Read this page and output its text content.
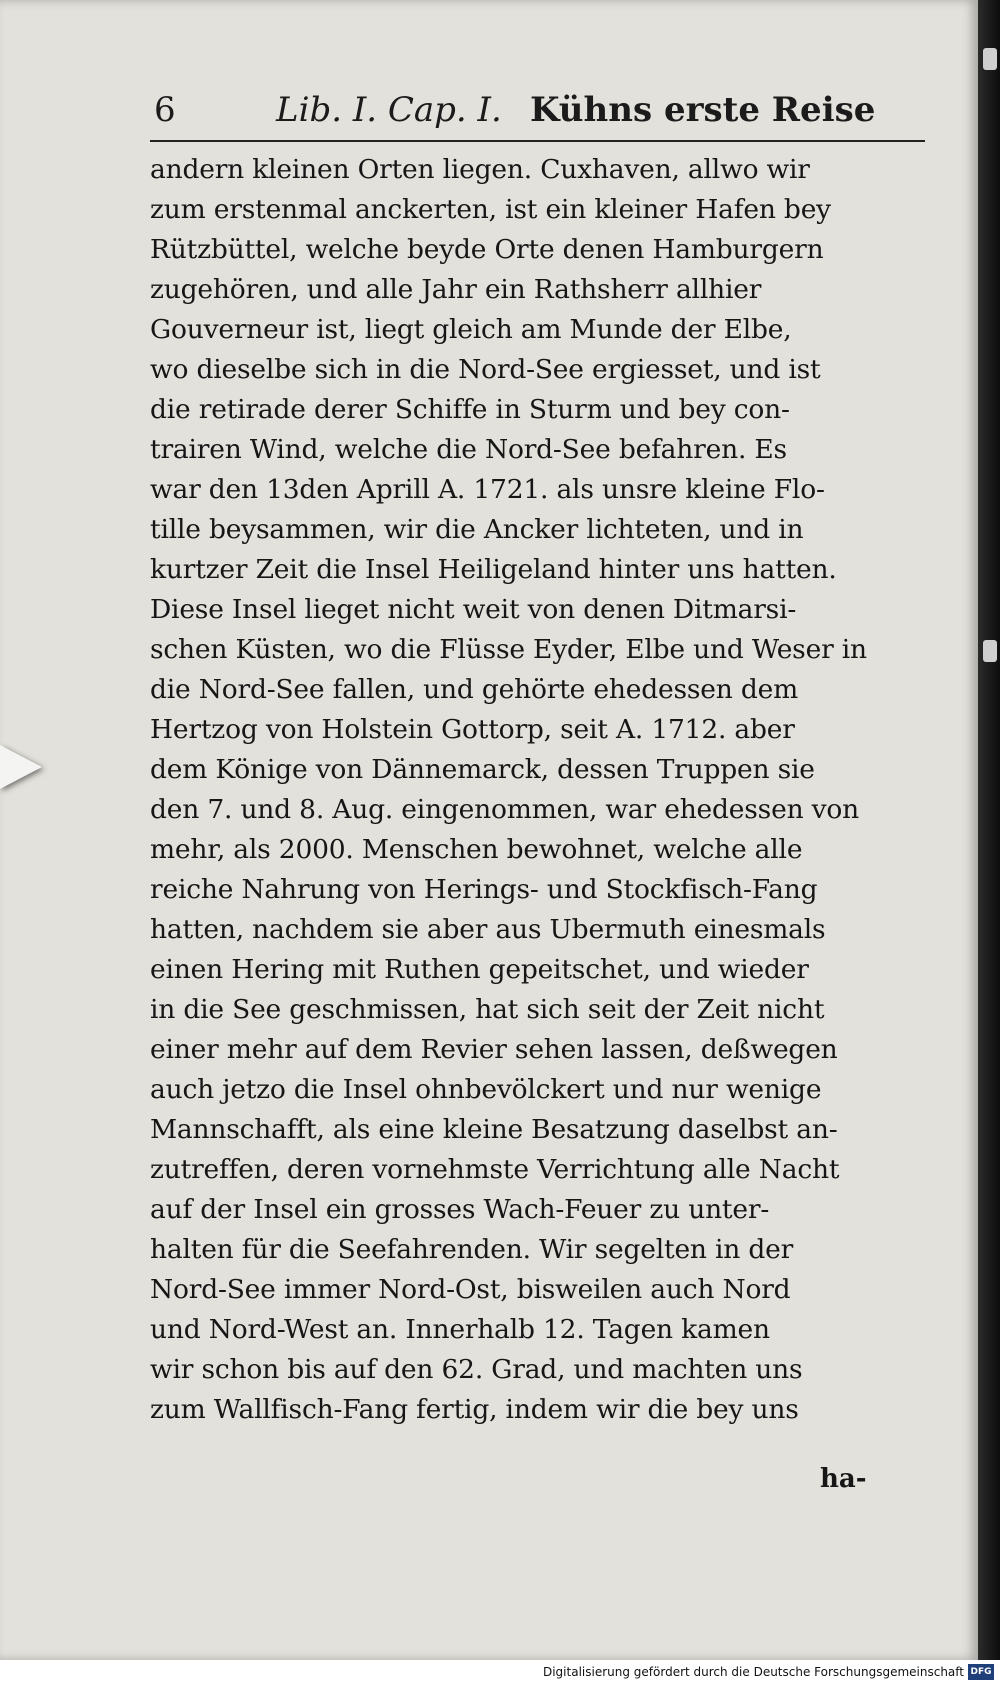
6	Lib. I. Cap. I. Kühns erste Reise
andern kleinen Orten liegen. Cuxhaven, allwo wir
zum erstenmal anckerten, ist ein kleiner Hafen bey
Rützbüttel, welche beyde Orte denen Hamburgern
zugehören, und alle Jahr ein Rathsherr allhier
Gouverneur ist, liegt gleich am Munde der Elbe,
wo dieselbe sich in die Nord-See ergiesset, und ist
die retirade derer Schiffe in Sturm und bey con-
trairen Wind, welche die Nord-See befahren. Es
war den 13den Aprill A. 1721. als unsre kleine Flo-
tille beysammen, wir die Ancker lichteten, und in
kurtzer Zeit die Insel Heiligeland hinter uns hatten.
Diese Insel lieget nicht weit von denen Ditmarsi-
schen Küsten, wo die Flüsse Eyder, Elbe und Weser in
die Nord-See fallen, und gehörte ehedessen dem
Hertzog von Holstein Gottorp, seit A. 1712. aber
dem Könige von Dännemarck, dessen Truppen sie
den 7. und 8. Aug. eingenommen, war ehedessen von
mehr, als 2000. Menschen bewohnet, welche alle
reiche Nahrung von Herings- und Stockfisch-Fang
hatten, nachdem sie aber aus Ubermuth einesmals
einen Hering mit Ruthen gepeitschet, und wieder
in die See geschmissen, hat sich seit der Zeit nicht
einer mehr auf dem Revier sehen lassen, deßwegen
auch jetzo die Insel ohnbevölckert und nur wenige
Mannschafft, als eine kleine Besatzung daselbst an-
zutreffen, deren vornehmste Verrichtung alle Nacht
auf der Insel ein grosses Wach-Feuer zu unter-
halten für die Seefahrenden. Wir segelten in der
Nord-See immer Nord-Ost, bisweilen auch Nord
und Nord-West an. Innerhalb 12. Tagen kamen
wir schon bis auf den 62. Grad, und machten uns
zum Wallfisch-Fang fertig, indem wir die bey uns
ha-
Digitalisierung gefördert durch die Deutsche Forschungsgemeinschaft DFG
